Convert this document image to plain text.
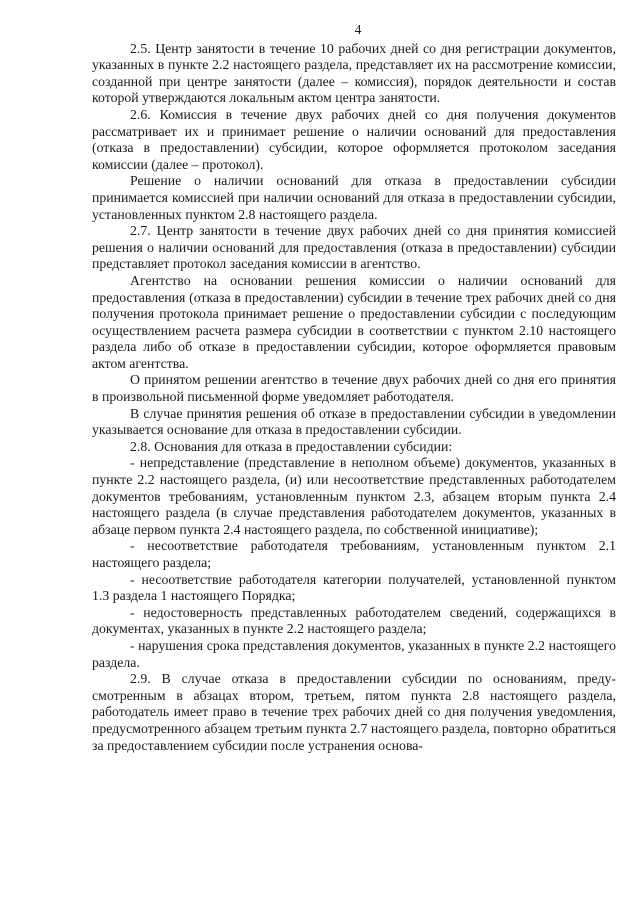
4

2.5. Центр занятости в течение 10 рабочих дней со дня регистрации документов, указанных в пункте 2.2 настоящего раздела, представляет их на рассмотрение комиссии, созданной при центре занятости (далее – комиссия), порядок деятельности и состав которой утверждаются локальным актом центра занятости.

2.6. Комиссия в течение двух рабочих дней со дня получения документов рассматривает их и принимает решение о наличии оснований для предоставления (отказа в предоставлении) субсидии, которое оформляется протоколом заседания комиссии (далее – протокол).

Решение о наличии оснований для отказа в предоставлении субсидии принимается комиссией при наличии оснований для отказа в предоставлении субсидии, установленных пунктом 2.8 настоящего раздела.

2.7. Центр занятости в течение двух рабочих дней со дня принятия комиссией решения о наличии оснований для предоставления (отказа в предоставлении) субсидии представляет протокол заседания комиссии в агентство.

Агентство на основании решения комиссии о наличии оснований для предоставления (отказа в предоставлении) субсидии в течение трех рабочих дней со дня получения протокола принимает решение о предоставлении субсидии с последующим осуществлением расчета размера субсидии в соответствии с пунктом 2.10 настоящего раздела либо об отказе в предоставлении субсидии, которое оформляется правовым актом агентства.

О принятом решении агентство в течение двух рабочих дней со дня его принятия в произвольной письменной форме уведомляет работодателя.

В случае принятия решения об отказе в предоставлении субсидии в уведомлении указывается основание для отказа в предоставлении субсидии.

2.8. Основания для отказа в предоставлении субсидии:

- непредставление (представление в неполном объеме) документов, указанных в пункте 2.2 настоящего раздела, (и) или несоответствие представленных работодателем документов требованиям, установленным пунктом 2.3, абзацем вторым пункта 2.4 настоящего раздела (в случае представления работодателем документов, указанных в абзаце первом пункта 2.4 настоящего раздела, по собственной инициативе);

- несоответствие работодателя требованиям, установленным пунктом 2.1 настоящего раздела;

- несоответствие работодателя категории получателей, установленной пунктом 1.3 раздела 1 настоящего Порядка;

- недостоверность представленных работодателем сведений, содержащихся в документах, указанных в пункте 2.2 настоящего раздела;

- нарушения срока представления документов, указанных в пункте 2.2 настоящего раздела.

2.9. В случае отказа в предоставлении субсидии по основаниям, предусмотренным в абзацах втором, третьем, пятом пункта 2.8 настоящего раздела, работодатель имеет право в течение трех рабочих дней со дня получения уведомления, предусмотренного абзацем третьим пункта 2.7 настоящего раздела, повторно обратиться за предоставлением субсидии после устранения основа-
